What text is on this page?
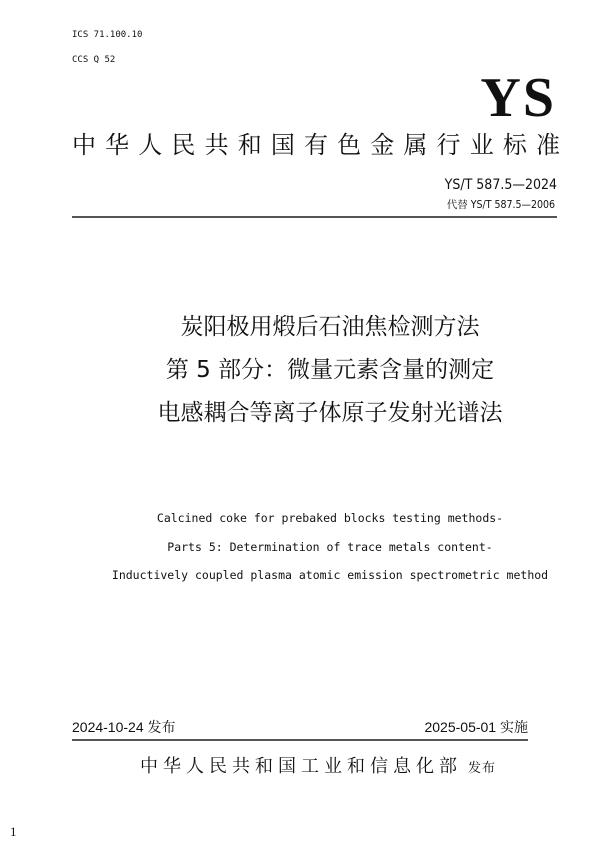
ICS 71.100.10
CCS Q 52
YS
中 华 人 民 共 和 国 有 色 金 属 行 业 标 准
YS/T 587.5—2024
代替 YS/T 587.5—2006
炭阳极用煅后石油焦检测方法
第 5 部分：微量元素含量的测定
电感耦合等离子体原子发射光谱法
Calcined coke for prebaked blocks testing methods-
Parts 5: Determination of trace metals content-
Inductively coupled plasma atomic emission spectrometric method
2024-10-24 发布	2025-05-01 实施
中华人民共和国工业和信息化部 发布
1
